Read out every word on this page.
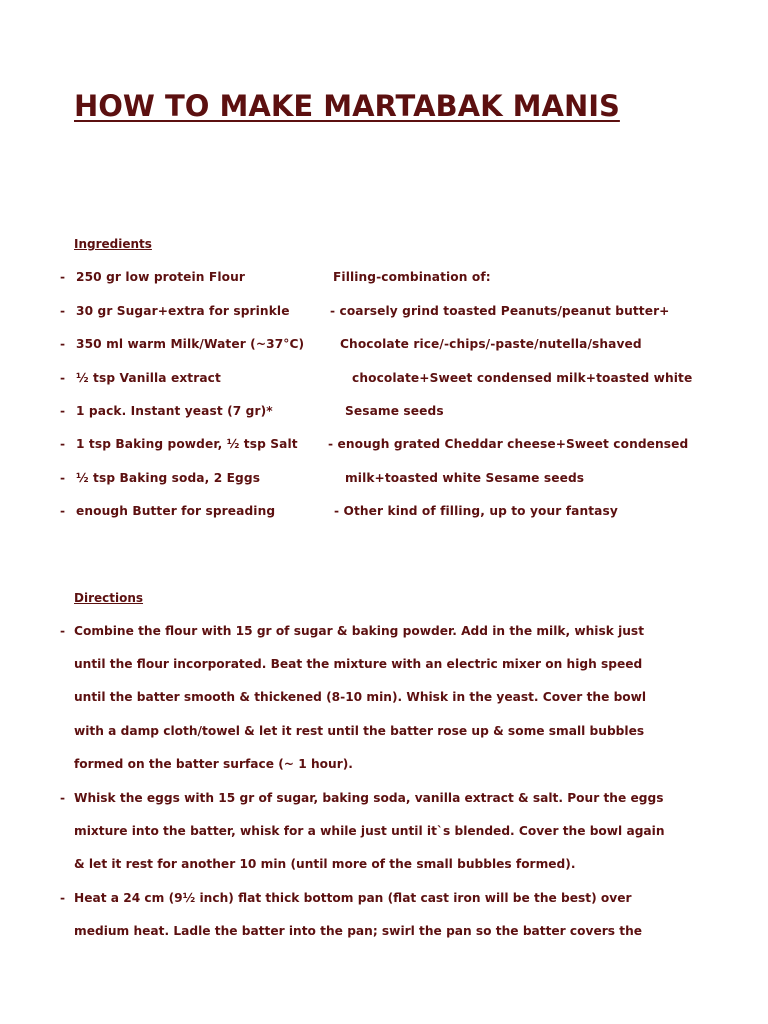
HOW TO MAKE MARTABAK MANIS
Ingredients
- 250 gr low protein Flour
- 30 gr Sugar+extra for sprinkle
- 350 ml warm Milk/Water (~37°C)
- ½ tsp Vanilla extract
- 1 pack. Instant yeast (7 gr)*
- 1 tsp Baking powder, ½ tsp Salt
- ½ tsp Baking soda, 2 Eggs
- enough Butter for spreading
Filling-combination of:
- coarsely grind toasted Peanuts/peanut butter+
Chocolate rice/-chips/-paste/nutella/shaved
chocolate+Sweet condensed milk+toasted white
Sesame seeds
- enough grated Cheddar cheese+Sweet condensed
milk+toasted white Sesame seeds
- Other kind of filling, up to your fantasy
Directions
- Combine the flour with 15 gr of sugar & baking powder. Add in the milk, whisk just
until the flour incorporated. Beat the mixture with an electric mixer on high speed
until the batter smooth & thickened (8-10 min). Whisk in the yeast. Cover the bowl
with a damp cloth/towel & let it rest until the batter rose up & some small bubbles
formed on the batter surface (~ 1 hour).
- Whisk the eggs with 15 gr of sugar, baking soda, vanilla extract & salt. Pour the eggs
mixture into the batter, whisk for a while just until it`s blended. Cover the bowl again
& let it rest for another 10 min (until more of the small bubbles formed).
- Heat a 24 cm (9½ inch) flat thick bottom pan (flat cast iron will be the best) over
medium heat. Ladle the batter into the pan; swirl the pan so the batter covers the
